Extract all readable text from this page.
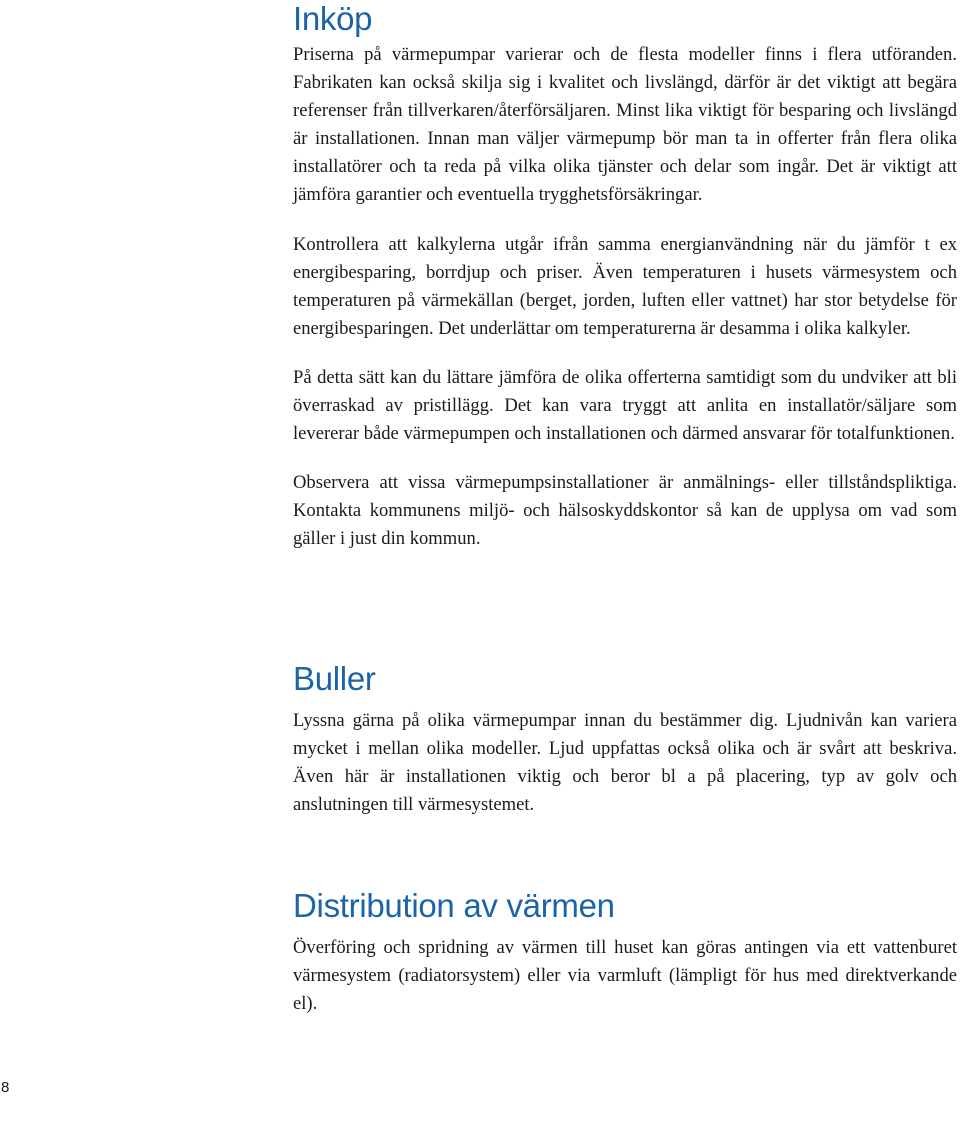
Inköp

Priserna på värmepumpar varierar och de flesta modeller finns i flera utföranden. Fabrikaten kan också skilja sig i kvalitet och livslängd, därför är det viktigt att begära referenser från tillverkaren/återförsäljaren. Minst lika viktigt för besparing och livslängd är installationen. Innan man väljer värmepump bör man ta in offerter från flera olika installatörer och ta reda på vilka olika tjänster och delar som ingår. Det är viktigt att jämföra garantier och eventuella trygghetsförsäkringar.

Kontrollera att kalkylerna utgår ifrån samma energianvändning när du jämför t ex energibesparing, borrdjup och priser. Även temperaturen i husets värmesystem och temperaturen på värmekällan (berget, jorden, luften eller vattnet) har stor betydelse för energibesparingen. Det underlättar om temperaturerna är desamma i olika kalkyler.

På detta sätt kan du lättare jämföra de olika offerterna samtidigt som du undviker att bli överraskad av pristillägg. Det kan vara tryggt att anlita en installatör/säljare som levererar både värmepumpen och installationen och därmed ansvarar för totalfunktionen.

Observera att vissa värmepumpsinstallationer är anmälnings- eller tillståndspliktiga. Kontakta kommunens miljö- och hälsoskyddskontor så kan de upplysa om vad som gäller i just din kommun.

Buller

Lyssna gärna på olika värmepumpar innan du bestämmer dig. Ljudnivån kan variera mycket i mellan olika modeller. Ljud uppfattas också olika och är svårt att beskriva. Även här är installationen viktig och beror bl a på placering, typ av golv och anslutningen till värmesystemet.

Distribution av värmen

Överföring och spridning av värmen till huset kan göras antingen via ett vattenburet värmesystem (radiatorsystem) eller via varmluft (lämpligt för hus med direktverkande el).

8
